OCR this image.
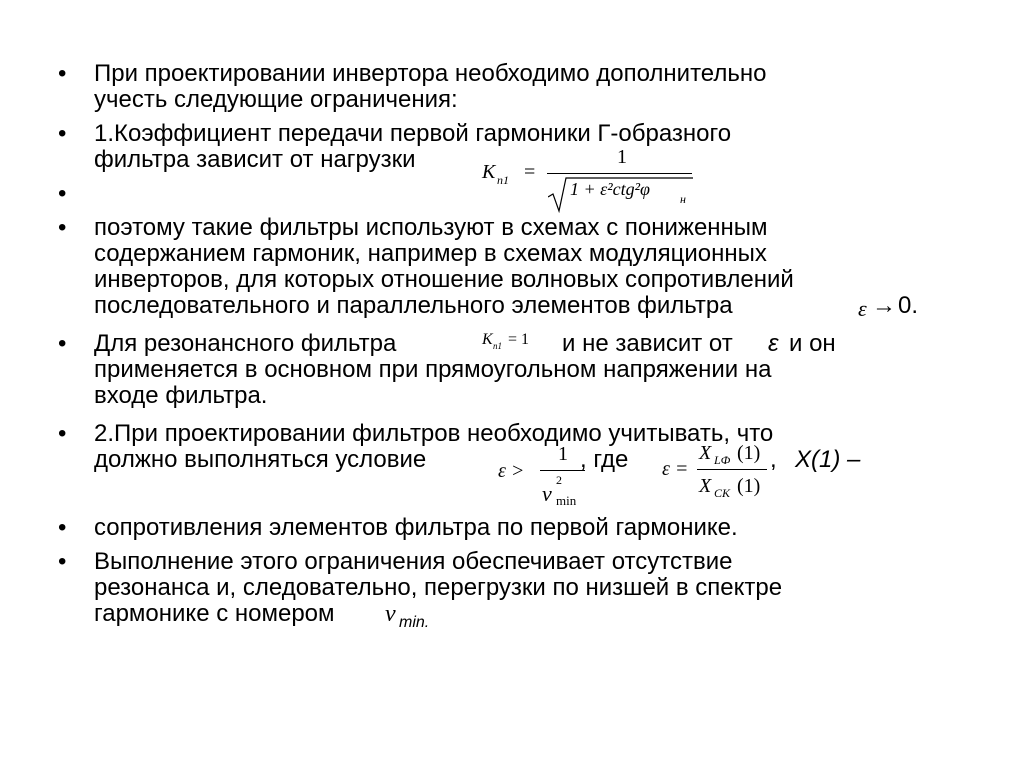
• При проектировании инвертора необходимо дополнительно
учесть следующие ограничения:
• 1.Коэффициент передачи первой гармоники Г-образного
фильтра зависит от нагрузки	K n1 =
1
1 + ε²ctg²φ	н
•
• поэтому такие фильтры используют в схемах с пониженным
содержанием гармоник, например в схемах модуляционных
инверторов, для которых отношение волновых сопротивлений
последовательного и параллельного элементов фильтра	ε → 0.
• Для резонансного фильтра	K n1 = 1 и не зависит от ε и он
применяется в основном при прямоугольном напряжении на
входе фильтра.
• 2.При проектировании фильтров необходимо учитывать, что
должно выполняться условие	ε >
1
ν
2
min
, где ε =
X LФ (1)
X CK (1)
, X(1) –
• сопротивления элементов фильтра по первой гармонике.
• Выполнение этого ограничения обеспечивает отсутствие
резонанса и, следовательно, перегрузки по низшей в спектре
гармонике с номером ν min.
